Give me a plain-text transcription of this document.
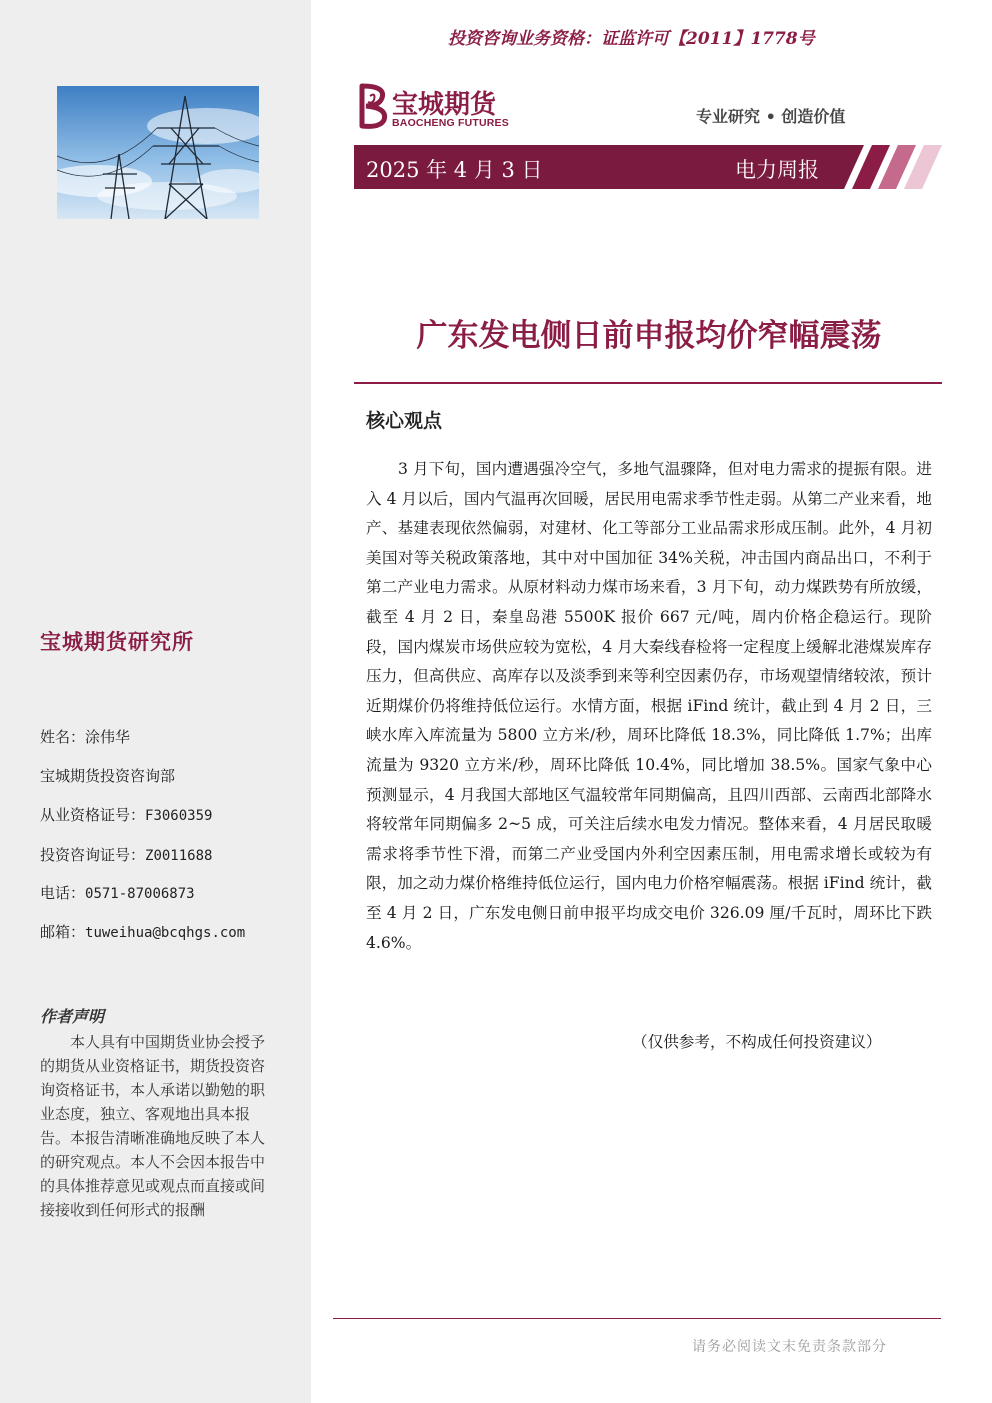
宝城期货研究所
姓名：涂伟华
宝城期货投资咨询部
从业资格证号：F3060359
投资咨询证号：Z0011688
电话：0571-87006873
邮箱：tuweihua@bcqhgs.com
作者声明
本人具有中国期货业协会授予的期货从业资格证书，期货投资咨询资格证书，本人承诺以勤勉的职业态度，独立、客观地出具本报告。本报告清晰准确地反映了本人的研究观点。本人不会因本报告中的具体推荐意见或观点而直接或间接接收到任何形式的报酬
投资咨询业务资格：证监许可【2011】1778号
宝城期货
BAOCHENG FUTURES	专业研究 • 创造价值
2025 年 4 月 3 日	电力周报
广东发电侧日前申报均价窄幅震荡
核心观点
3 月下旬，国内遭遇强冷空气，多地气温骤降，但对电力需求的提振有限。进入 4 月以后，国内气温再次回暖，居民用电需求季节性走弱。从第二产业来看，地产、基建表现依然偏弱，对建材、化工等部分工业品需求形成压制。此外，4 月初美国对等关税政策落地，其中对中国加征 34%关税，冲击国内商品出口，不利于第二产业电力需求。从原材料动力煤市场来看，3 月下旬，动力煤跌势有所放缓，截至 4 月 2 日，秦皇岛港 5500K 报价 667 元/吨，周内价格企稳运行。现阶段，国内煤炭市场供应较为宽松，4 月大秦线春检将一定程度上缓解北港煤炭库存压力，但高供应、高库存以及淡季到来等利空因素仍存，市场观望情绪较浓，预计近期煤价仍将维持低位运行。水情方面，根据 iFind 统计，截止到 4 月 2 日，三峡水库入库流量为 5800 立方米/秒，周环比降低 18.3%，同比降低 1.7%；出库流量为 9320 立方米/秒，周环比降低 10.4%，同比增加 38.5%。国家气象中心预测显示，4 月我国大部地区气温较常年同期偏高，且四川西部、云南西北部降水将较常年同期偏多 2~5 成，可关注后续水电发力情况。整体来看，4 月居民取暖需求将季节性下滑，而第二产业受国内外利空因素压制，用电需求增长或较为有限，加之动力煤价格维持低位运行，国内电力价格窄幅震荡。根据 iFind 统计，截至 4 月 2 日，广东发电侧日前申报平均成交电价 326.09 厘/千瓦时，周环比下跌 4.6%。
（仅供参考，不构成任何投资建议）
请务必阅读文末免责条款部分
